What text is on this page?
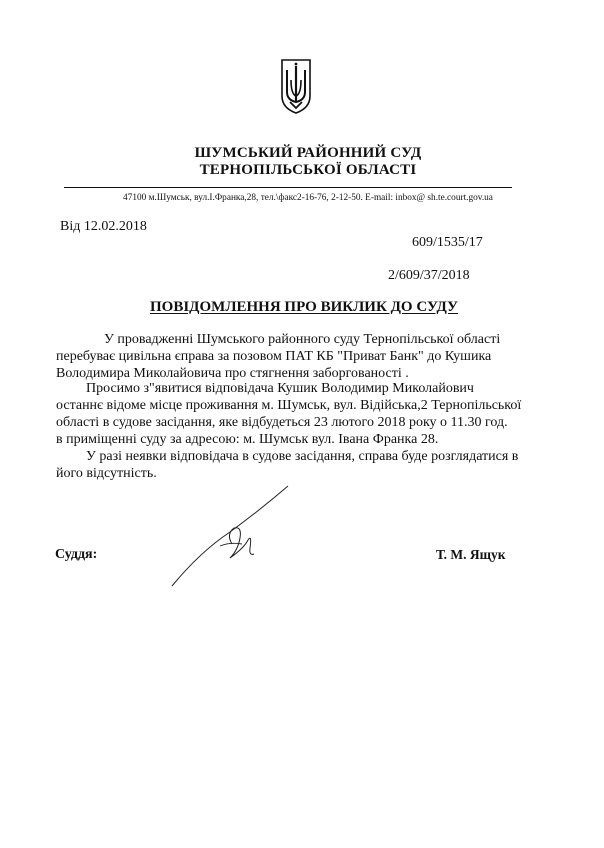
ШУМСЬКИЙ РАЙОННИЙ СУД
ТЕРНОПІЛЬСЬКОЇ ОБЛАСТІ
47100 м.Шумськ, вул.І.Франка,28, тел.\факс2-16-76, 2-12-50. E-mail: inbox@ sh.te.court.gov.ua
Від 12.02.2018
609/1535/17
2/609/37/2018
ПОВІДОМЛЕННЯ ПРО ВИКЛИК ДО СУДУ
У провадженні Шумського районного суду Тернопільської області
перебуває цивільна єправа за позовом ПАТ КБ "Приват Банк" до Кушика
Володимира Миколайовича про стягнення заборгованості .
Просимо з"явитися відповідача Кушик Володимир Миколайович
останнє відоме місце проживання м. Шумськ, вул. Відійська,2 Тернопільської
області в судове засідання, яке відбудеться 23 лютого 2018 року о 11.30 год.
в приміщенні суду за адресою: м. Шумськ вул. Івана Франка 28.
У разі неявки відповідача в судове засідання, справа буде розглядатися в
його відсутність.
Суддя:	Т. М. Ящук
